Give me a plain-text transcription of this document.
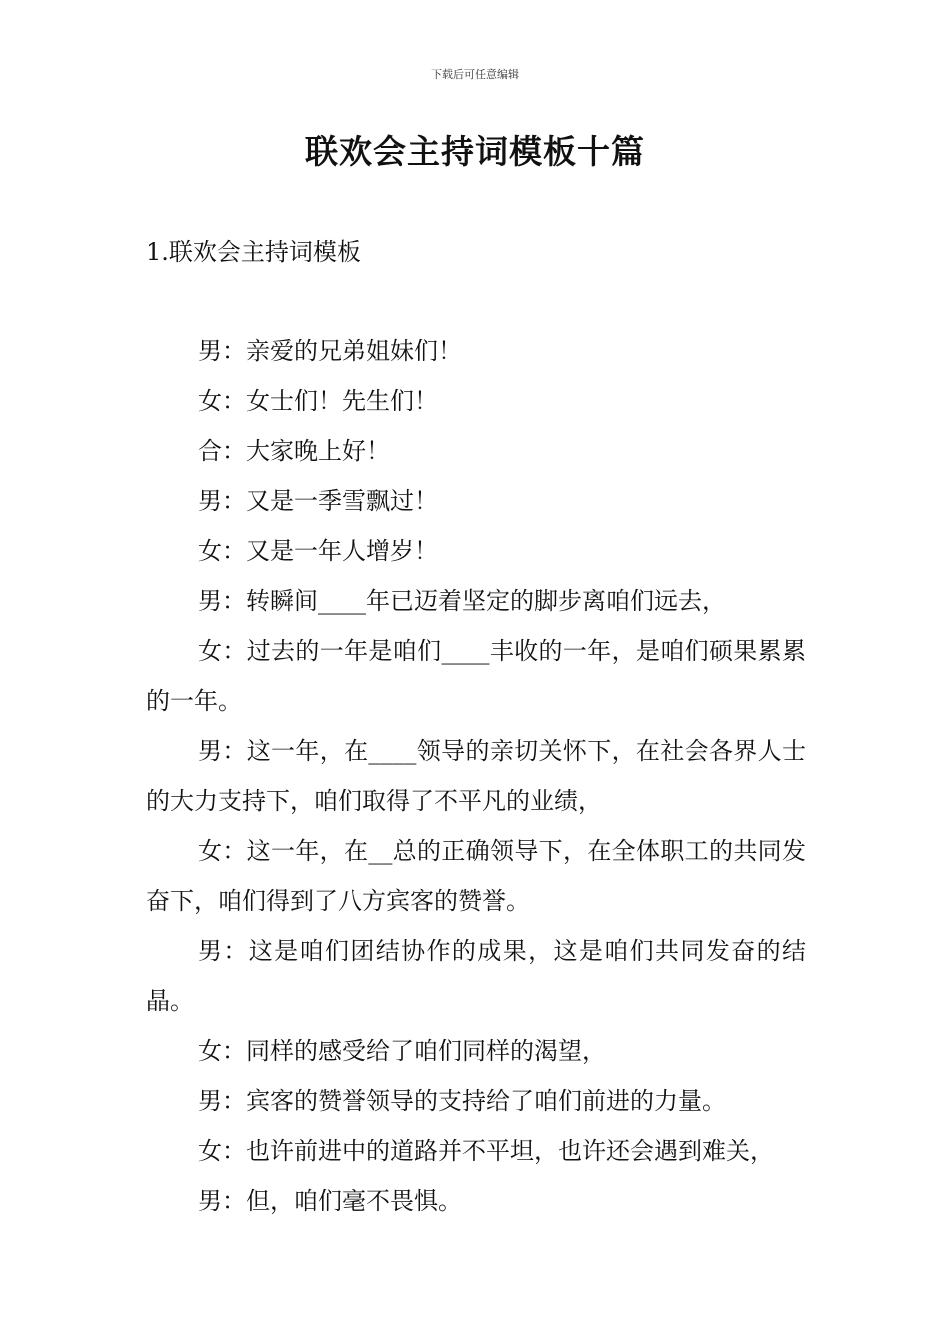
下载后可任意编辑
联欢会主持词模板十篇
1.联欢会主持词模板

男：亲爱的兄弟姐妹们！

女：女士们！先生们！

合：大家晚上好！

男：又是一季雪飘过！

女：又是一年人增岁！

男：转瞬间____年已迈着坚定的脚步离咱们远去，

女：过去的一年是咱们____丰收的一年，是咱们硕果累累的一年。

男：这一年，在____领导的亲切关怀下，在社会各界人士的大力支持下，咱们取得了不平凡的业绩，

女：这一年，在__总的正确领导下，在全体职工的共同发奋下，咱们得到了八方宾客的赞誉。

男：这是咱们团结协作的成果，这是咱们共同发奋的结晶。

女：同样的感受给了咱们同样的渴望，

男：宾客的赞誉领导的支持给了咱们前进的力量。

女：也许前进中的道路并不平坦，也许还会遇到难关，

男：但，咱们毫不畏惧。
